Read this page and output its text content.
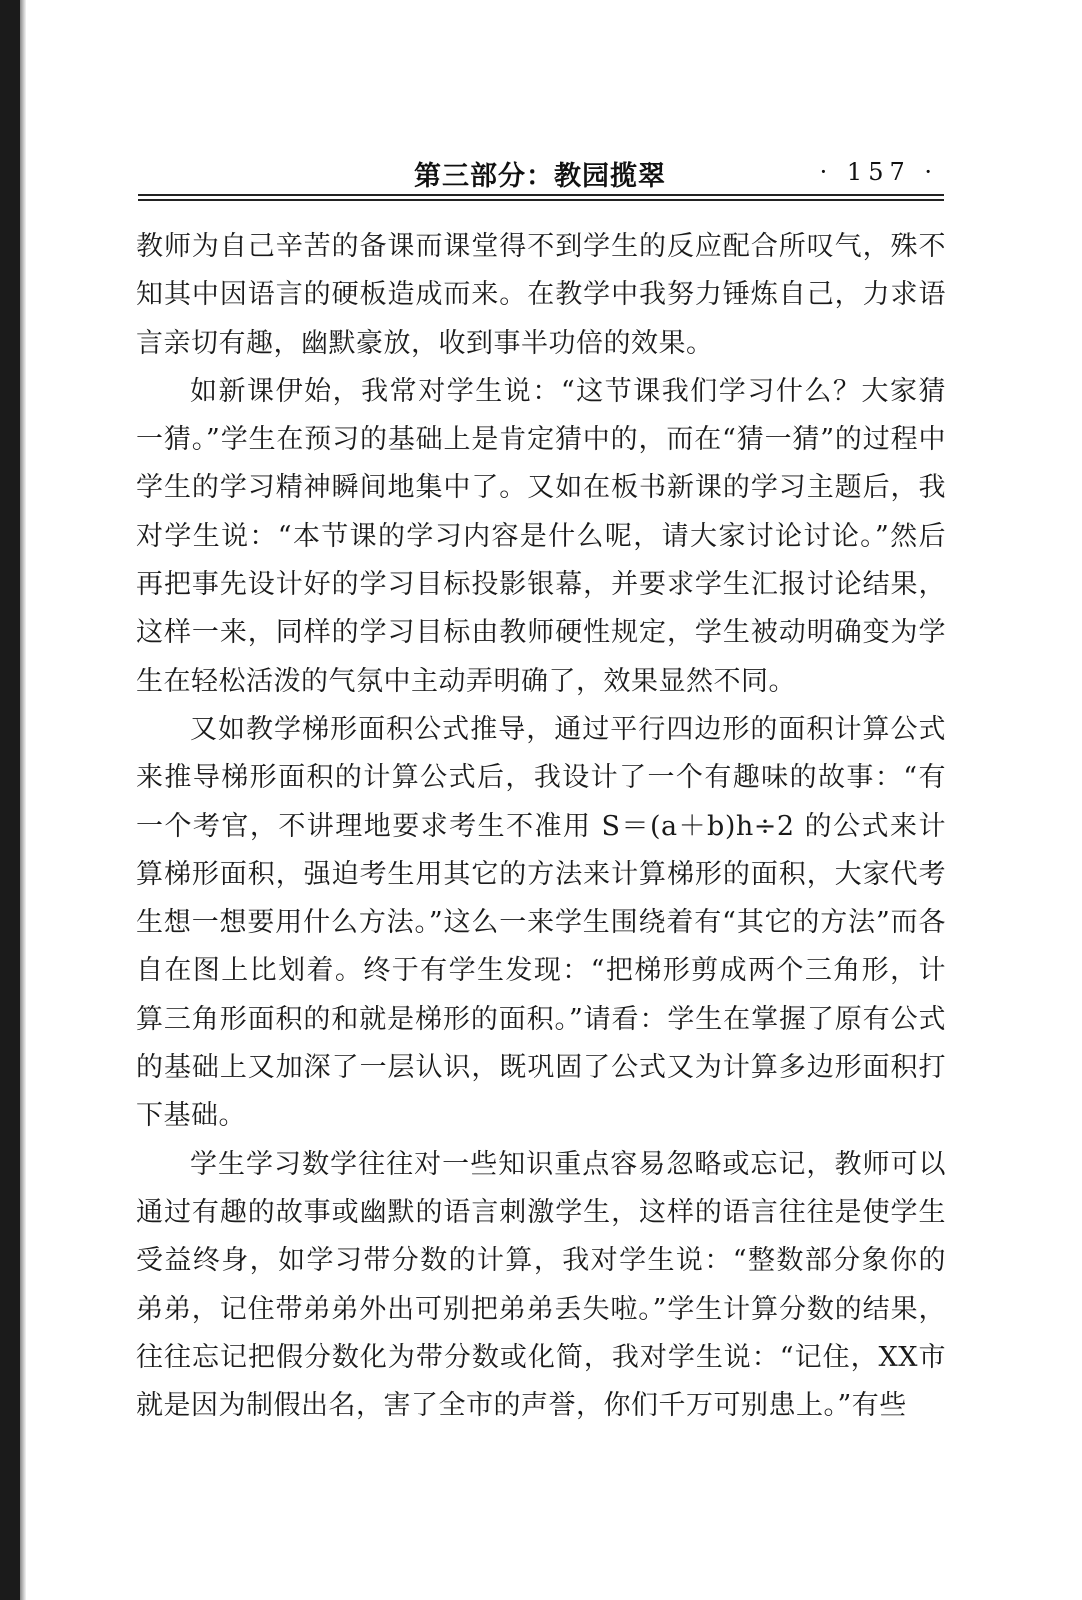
第三部分：教园揽翠	· 157 ·

教师为自己辛苦的备课而课堂得不到学生的反应配合所叹气，殊不知其中因语言的硬板造成而来。在教学中我努力锤炼自己，力求语言亲切有趣，幽默豪放，收到事半功倍的效果。

如新课伊始，我常对学生说：“这节课我们学习什么？大家猜一猜。”学生在预习的基础上是肯定猜中的，而在“猜一猜”的过程中学生的学习精神瞬间地集中了。又如在板书新课的学习主题后，我对学生说：“本节课的学习内容是什么呢，请大家讨论讨论。”然后再把事先设计好的学习目标投影银幕，并要求学生汇报讨论结果，这样一来，同样的学习目标由教师硬性规定，学生被动明确变为学生在轻松活泼的气氛中主动弄明确了，效果显然不同。

又如教学梯形面积公式推导，通过平行四边形的面积计算公式来推导梯形面积的计算公式后，我设计了一个有趣味的故事：“有一个考官，不讲理地要求考生不准用 S＝(a＋b)h÷2 的公式来计算梯形面积，强迫考生用其它的方法来计算梯形的面积，大家代考生想一想要用什么方法。”这么一来学生围绕着有“其它的方法”而各自在图上比划着。终于有学生发现：“把梯形剪成两个三角形，计算三角形面积的和就是梯形的面积。”请看：学生在掌握了原有公式的基础上又加深了一层认识，既巩固了公式又为计算多边形面积打下基础。

学生学习数学往往对一些知识重点容易忽略或忘记，教师可以通过有趣的故事或幽默的语言刺激学生，这样的语言往往是使学生受益终身，如学习带分数的计算，我对学生说：“整数部分象你的弟弟，记住带弟弟外出可别把弟弟丢失啦。”学生计算分数的结果，往往忘记把假分数化为带分数或化简，我对学生说：“记住，XX市就是因为制假出名，害了全市的声誉，你们千万可别患上。”有些
